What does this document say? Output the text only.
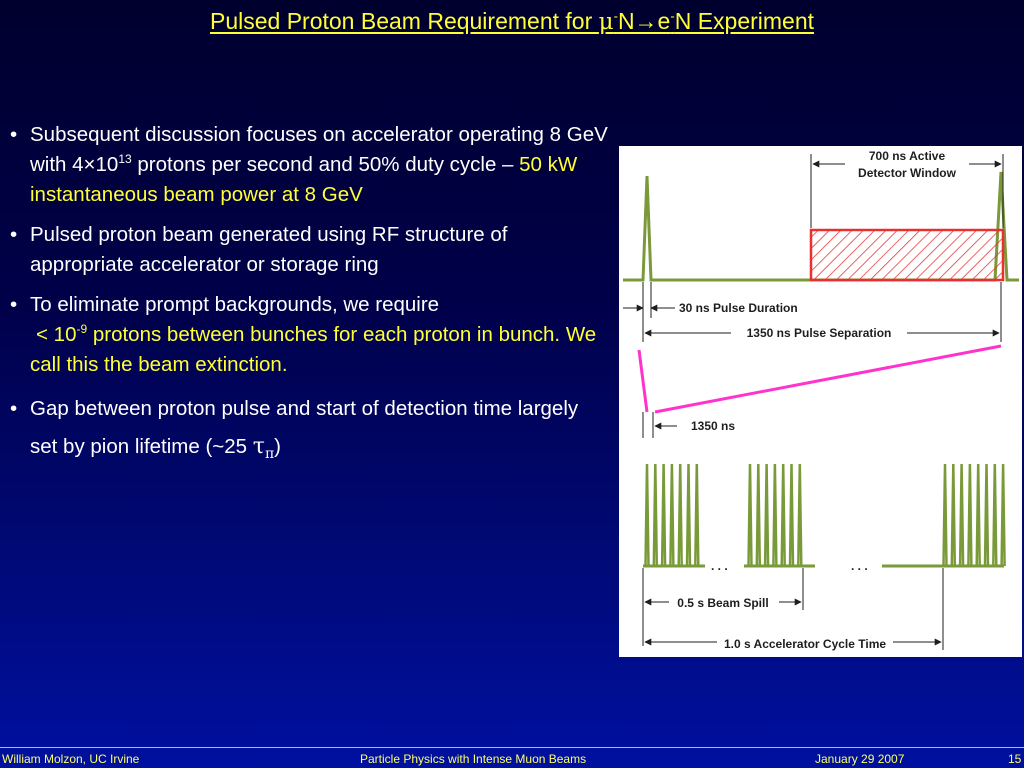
Pulsed Proton Beam Requirement for μ-N→e-N Experiment
• Subsequent discussion focuses on accelerator operating 8 GeV with $4\times 10^{13}$ protons per second and 50% duty cycle – 50 kW instantaneous beam power at 8 GeV
• Pulsed proton beam generated using RF structure of appropriate accelerator or storage ring
• To eliminate prompt backgrounds, we require
< $10^{-9}$ protons between bunches for each proton in bunch. We call this the beam extinction.
• Gap between proton pulse and start of detection time largely set by pion lifetime (~25 $\tau_\pi$)
700 ns Active
Detector Window
30 ns Pulse Duration
1350 ns Pulse Separation
1350 ns
. . .	. . .
0.5 s Beam Spill
1.0 s Accelerator Cycle Time
William Molzon, UC Irvine	Particle Physics with Intense Muon Beams	January 29 2007	15
